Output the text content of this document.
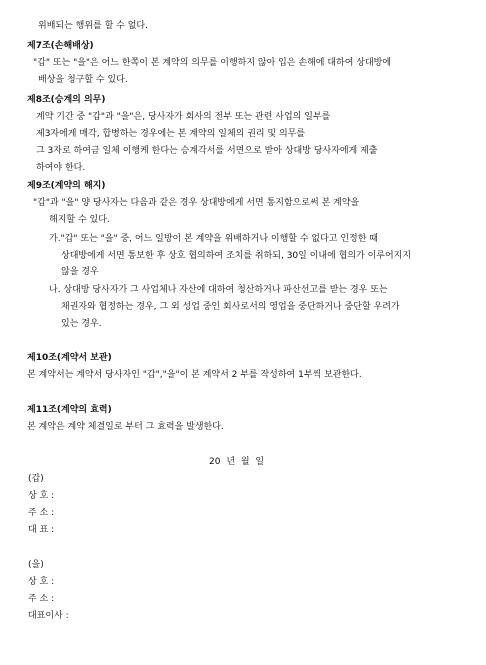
위배되는 행위를 할 수 없다.
제7조(손해배상)
"갑" 또는 "을"은 어느 한쪽이 본 계약의 의무를 이행하지 않아 입은 손해에 대하여 상대방에
배상을 청구할 수 있다.
제8조(승계의 의무)
계약 기간 중 "갑"과 "을"은, 당사자가 회사의 전부 또는 관련 사업의 일부를
제3자에게 매각, 합병하는 경우에는 본 계약의 일체의 권리 및 의무를
그 3자로 하여금 일체 이행케 한다는 승계각서를 서면으로 받아 상대방 당사자에게 제출
하여야 한다.
제9조(계약의 해지)
"갑"과 "을" 양 당사자는 다음과 같은 경우 상대방에게 서면 통지함으로써 본 계약을
해지할 수 있다.
가."갑" 또는 "을" 중, 어느 일방이 본 계약을 위배하거나 이행할 수 없다고 인정한 때
상대방에게 서면 통보한 후 상호 협의하여 조치를 취하되, 30일 이내에 협의가 이루어지지
않을 경우
나. 상대방 당사자가 그 사업체나 자산에 대하여 청산하거나 파산선고를 받는 경우 또는
채권자와 협정하는 경우, 그 외 성업 중인 회사로서의 영업을 중단하거나 중단할 우려가
있는 경우.
제10조(계약서 보관)
본 계약서는 계약서 당사자인 "갑","을"이 본 계약서 2 부를 작성하여 1부씩 보관한다.
제11조(계약의 효력)
본 계약은 계약 체결일로 부터 그 효력을 발생한다.
20 년 월 일
(갑)
상 호 :
주 소 :
대 표 :
(을)
상 호 :
주 소 :
대표이사 :
